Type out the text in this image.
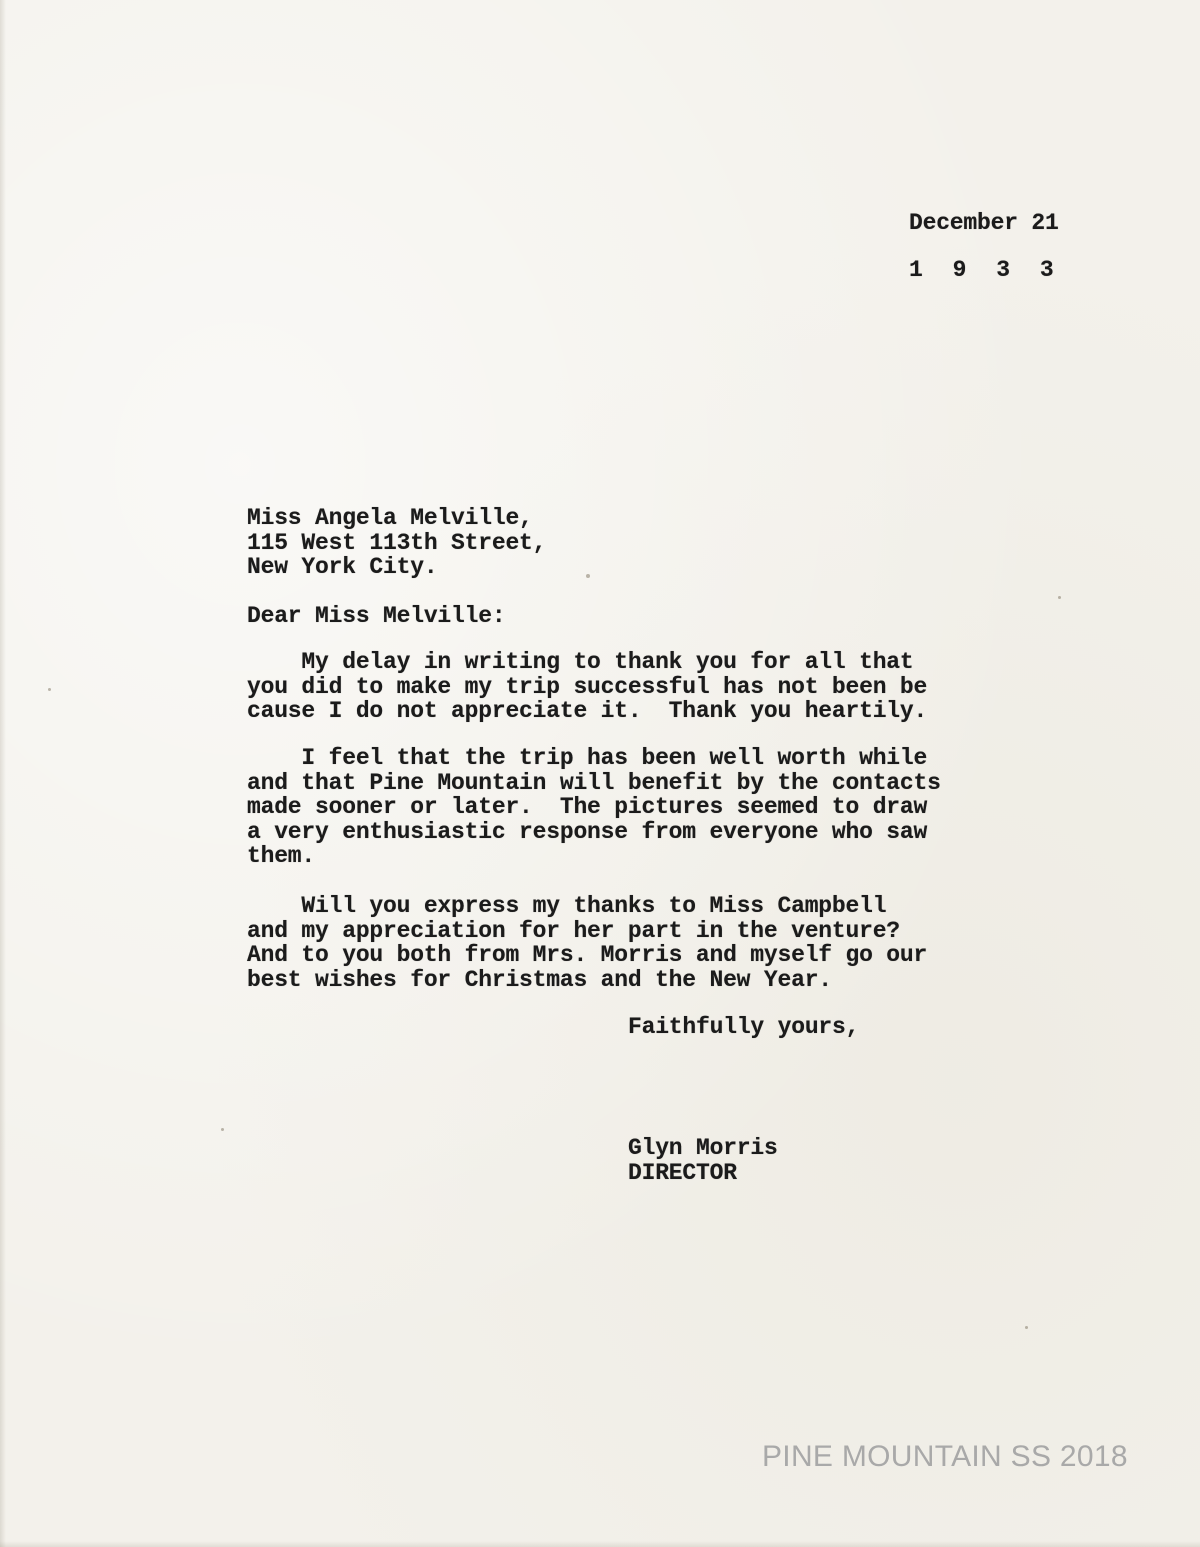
December 21
1 9 3 3
Miss Angela Melville,
115 West 113th Street,
New York City.
Dear Miss Melville:
My delay in writing to thank you for all that
you did to make my trip successful has not been be
cause I do not appreciate it.  Thank you heartily.
I feel that the trip has been well worth while
and that Pine Mountain will benefit by the contacts
made sooner or later.  The pictures seemed to draw
a very enthusiastic response from everyone who saw
them.
Will you express my thanks to Miss Campbell
and my appreciation for her part in the venture?
And to you both from Mrs. Morris and myself go our
best wishes for Christmas and the New Year.
Faithfully yours,
Glyn Morris
DIRECTOR
PINE MOUNTAIN SS 2018
